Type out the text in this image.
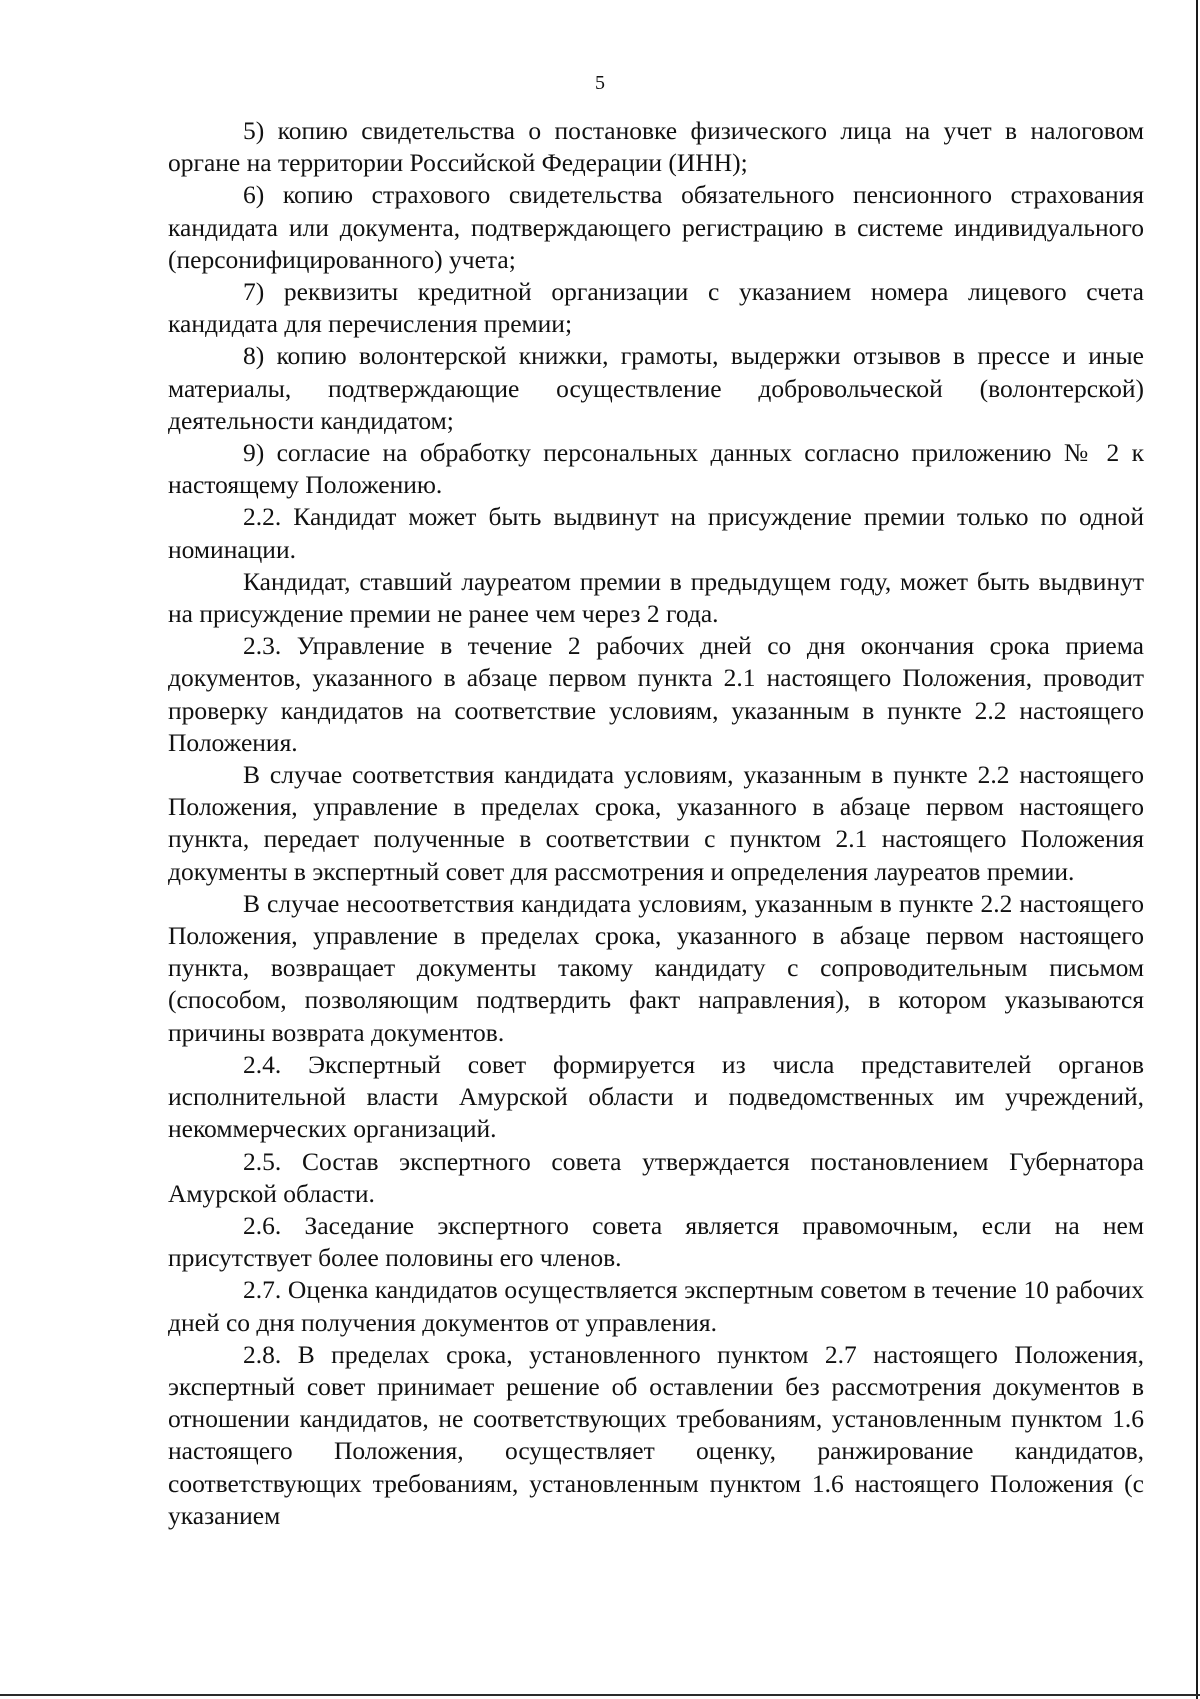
5

5) копию свидетельства о постановке физического лица на учет в налоговом органе на территории Российской Федерации (ИНН);

6) копию страхового свидетельства обязательного пенсионного страхования кандидата или документа, подтверждающего регистрацию в системе индивидуального (персонифицированного) учета;

7) реквизиты кредитной организации с указанием номера лицевого счета кандидата для перечисления премии;

8) копию волонтерской книжки, грамоты, выдержки отзывов в прессе и иные материалы, подтверждающие осуществление добровольческой (волонтерской) деятельности кандидатом;

9) согласие на обработку персональных данных согласно приложению № 2 к настоящему Положению.

2.2. Кандидат может быть выдвинут на присуждение премии только по одной номинации.

Кандидат, ставший лауреатом премии в предыдущем году, может быть выдвинут на присуждение премии не ранее чем через 2 года.

2.3. Управление в течение 2 рабочих дней со дня окончания срока приема документов, указанного в абзаце первом пункта 2.1 настоящего Положения, проводит проверку кандидатов на соответствие условиям, указанным в пункте 2.2 настоящего Положения.

В случае соответствия кандидата условиям, указанным в пункте 2.2 настоящего Положения, управление в пределах срока, указанного в абзаце первом настоящего пункта, передает полученные в соответствии с пунктом 2.1 настоящего Положения документы в экспертный совет для рассмотрения и определения лауреатов премии.

В случае несоответствия кандидата условиям, указанным в пункте 2.2 настоящего Положения, управление в пределах срока, указанного в абзаце первом настоящего пункта, возвращает документы такому кандидату с сопроводительным письмом (способом, позволяющим подтвердить факт направления), в котором указываются причины возврата документов.

2.4. Экспертный совет формируется из числа представителей органов исполнительной власти Амурской области и подведомственных им учреждений, некоммерческих организаций.

2.5. Состав экспертного совета утверждается постановлением Губернатора Амурской области.

2.6. Заседание экспертного совета является правомочным, если на нем присутствует более половины его членов.

2.7. Оценка кандидатов осуществляется экспертным советом в течение 10 рабочих дней со дня получения документов от управления.

2.8. В пределах срока, установленного пунктом 2.7 настоящего Положения, экспертный совет принимает решение об оставлении без рассмотрения документов в отношении кандидатов, не соответствующих требованиям, установленным пунктом 1.6 настоящего Положения, осуществляет оценку, ранжирование кандидатов, соответствующих требованиям, установленным пунктом 1.6 настоящего Положения (с указанием
